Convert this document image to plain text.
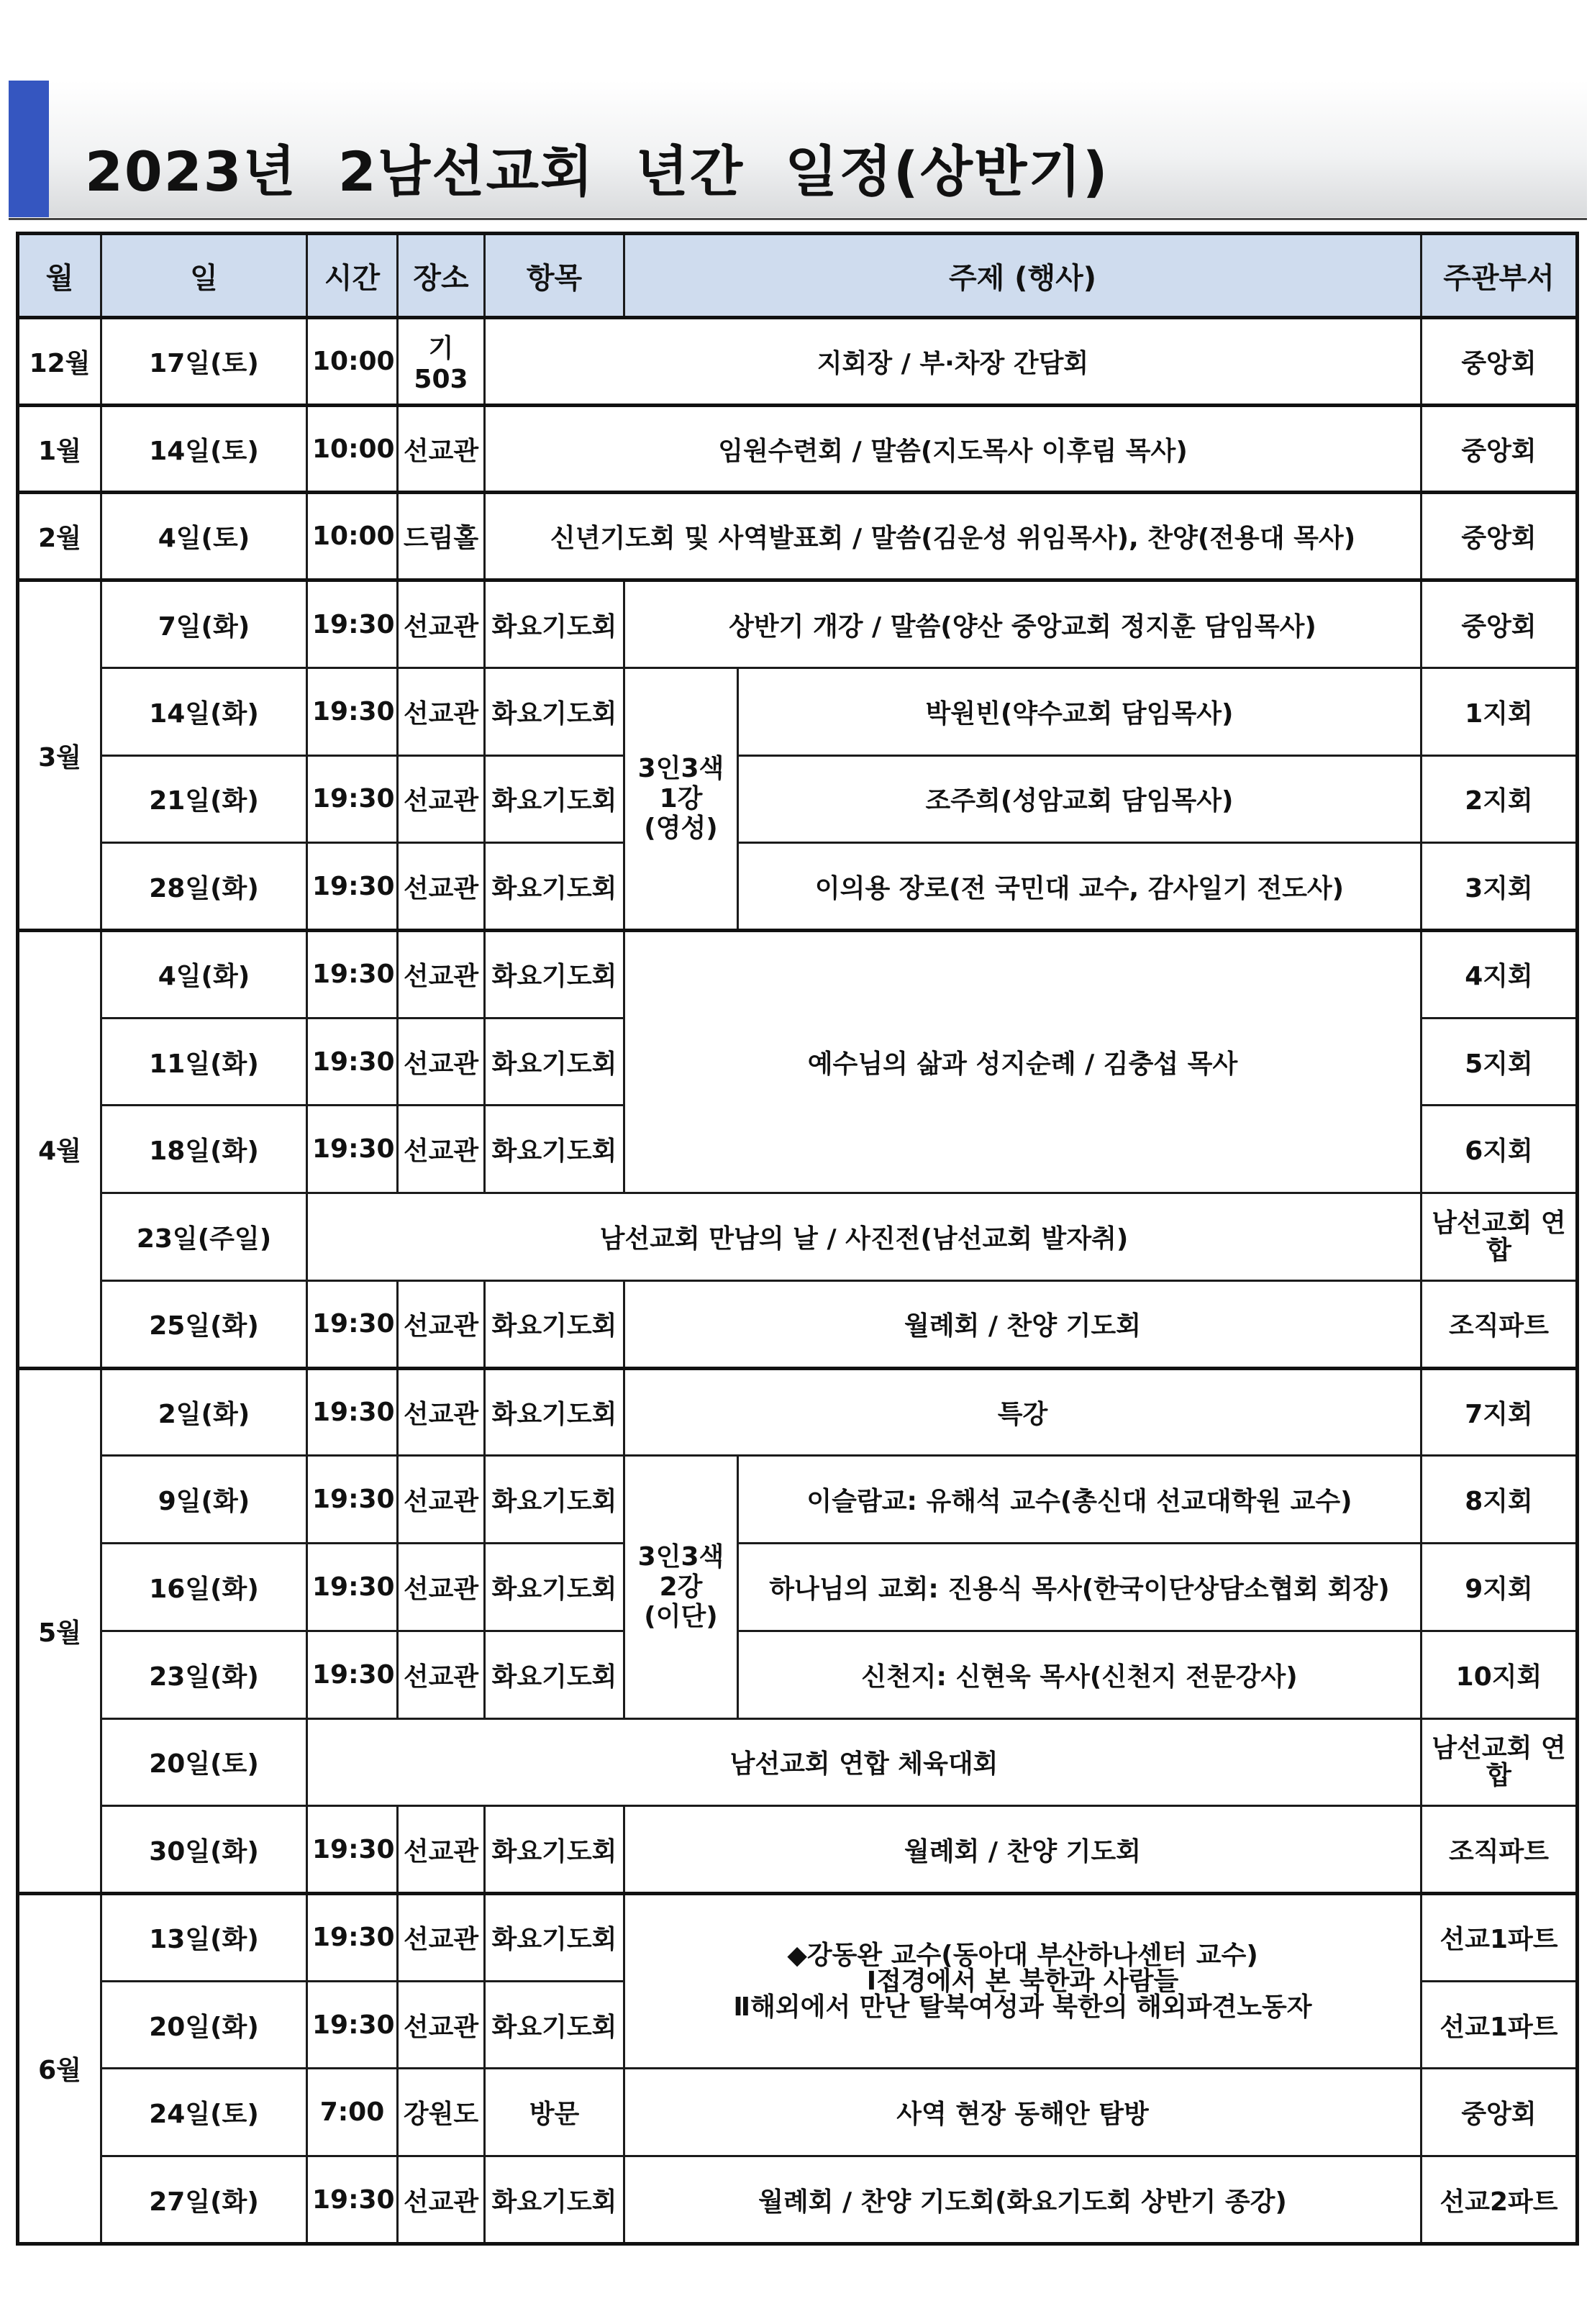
2023년  2남선교회  년간  일정(상반기)
월	일	시간	장소	항목	주제 (행사)		주관부서
12월	17일(토)	10:00	기503	지회장 / 부·차장 간담회			중앙회
1월	14일(토)	10:00	선교관	임원수련회 / 말씀(지도목사 이후림 목사)			중앙회
2월	4일(토)	10:00	드림홀	신년기도회 및 사역발표회 / 말씀(김운성 위임목사), 찬양(전용대 목사)			중앙회
3월	7일(화)	19:30	선교관	화요기도회	상반기 개강 / 말씀(양산 중앙교회 정지훈 담임목사)		중앙회
	14일(화)	19:30	선교관	화요기도회	3인3색
1강
(영성)	박원빈(약수교회 담임목사)	1지회
	21일(화)	19:30	선교관	화요기도회		조주희(성암교회 담임목사)	2지회
	28일(화)	19:30	선교관	화요기도회		이의용 장로(전 국민대 교수, 감사일기 전도사)	3지회
4월	4일(화)	19:30	선교관	화요기도회	예수님의 삶과 성지순례 / 김충섭 목사		4지회
	11일(화)	19:30	선교관	화요기도회			5지회
	18일(화)	19:30	선교관	화요기도회			6지회
	23일(주일)	남선교회 만남의 날 / 사진전(남선교회 발자취)					남선교회 연합
	25일(화)	19:30	선교관	화요기도회	월례회 / 찬양 기도회		조직파트
5월	2일(화)	19:30	선교관	화요기도회	특강		7지회
	9일(화)	19:30	선교관	화요기도회	3인3색
2강
(이단)	이슬람교: 유해석 교수(총신대 선교대학원 교수)	8지회
	16일(화)	19:30	선교관	화요기도회		하나님의 교회: 진용식 목사(한국이단상담소협회 회장)	9지회
	23일(화)	19:30	선교관	화요기도회		신천지: 신현욱 목사(신천지 전문강사)	10지회
	20일(토)	남선교회 연합 체육대회					남선교회 연합
	30일(화)	19:30	선교관	화요기도회	월례회 / 찬양 기도회		조직파트
6월	13일(화)	19:30	선교관	화요기도회	◆강동완 교수(동아대 부산하나센터 교수)
Ⅰ접경에서 본 북한과 사람들
Ⅱ해외에서 만난 탈북여성과 북한의 해외파견노동자		선교1파트
	20일(화)	19:30	선교관	화요기도회			선교1파트
	24일(토)	7:00	강원도	방문	사역 현장 동해안 탐방		중앙회
	27일(화)	19:30	선교관	화요기도회	월례회 / 찬양 기도회(화요기도회 상반기 종강)		선교2파트
